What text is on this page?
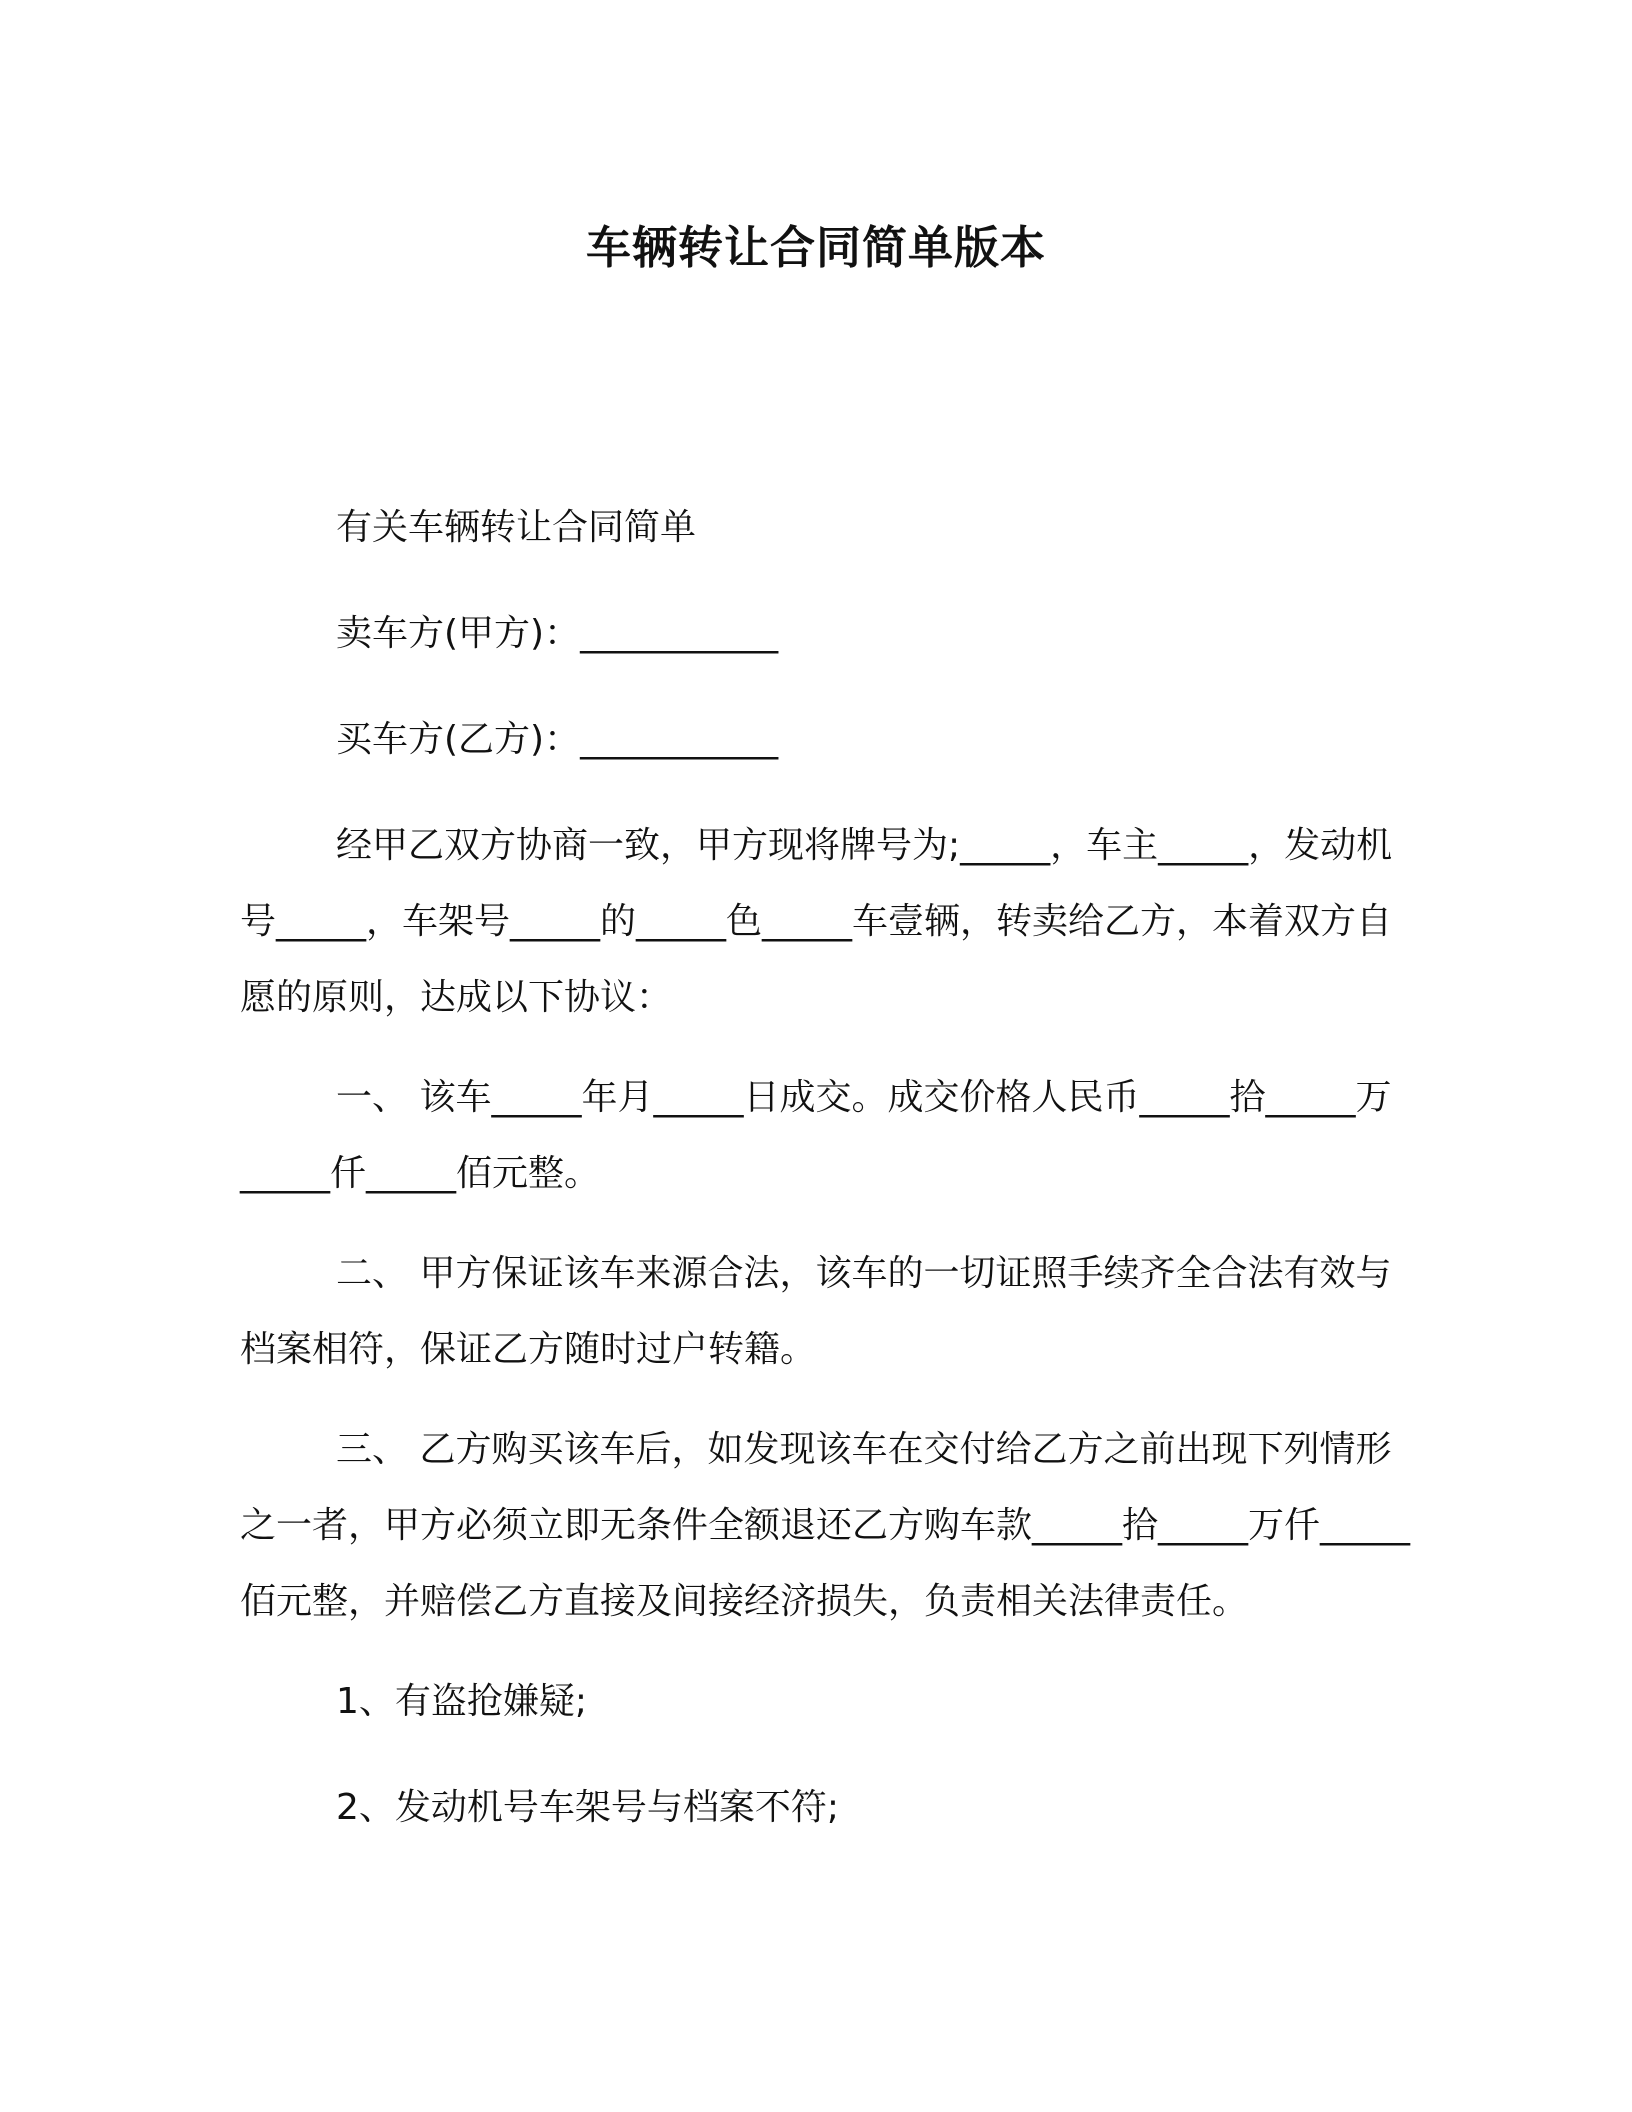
车辆转让合同简单版本

有关车辆转让合同简单

卖车方(甲方)：___________

买车方(乙方)：___________

经甲乙双方协商一致，甲方现将牌号为;_____，车主_____，发动机号_____，车架号_____的_____色_____车壹辆，转卖给乙方，本着双方自愿的原则，达成以下协议：

一、 该车_____年月_____日成交。成交价格人民币_____拾_____万_____仟_____佰元整。

二、 甲方保证该车来源合法，该车的一切证照手续齐全合法有效与档案相符，保证乙方随时过户转籍。

三、 乙方购买该车后，如发现该车在交付给乙方之前出现下列情形之一者，甲方必须立即无条件全额退还乙方购车款_____拾_____万仟_____佰元整，并赔偿乙方直接及间接经济损失，负责相关法律责任。

1、有盗抢嫌疑;

2、发动机号车架号与档案不符;
